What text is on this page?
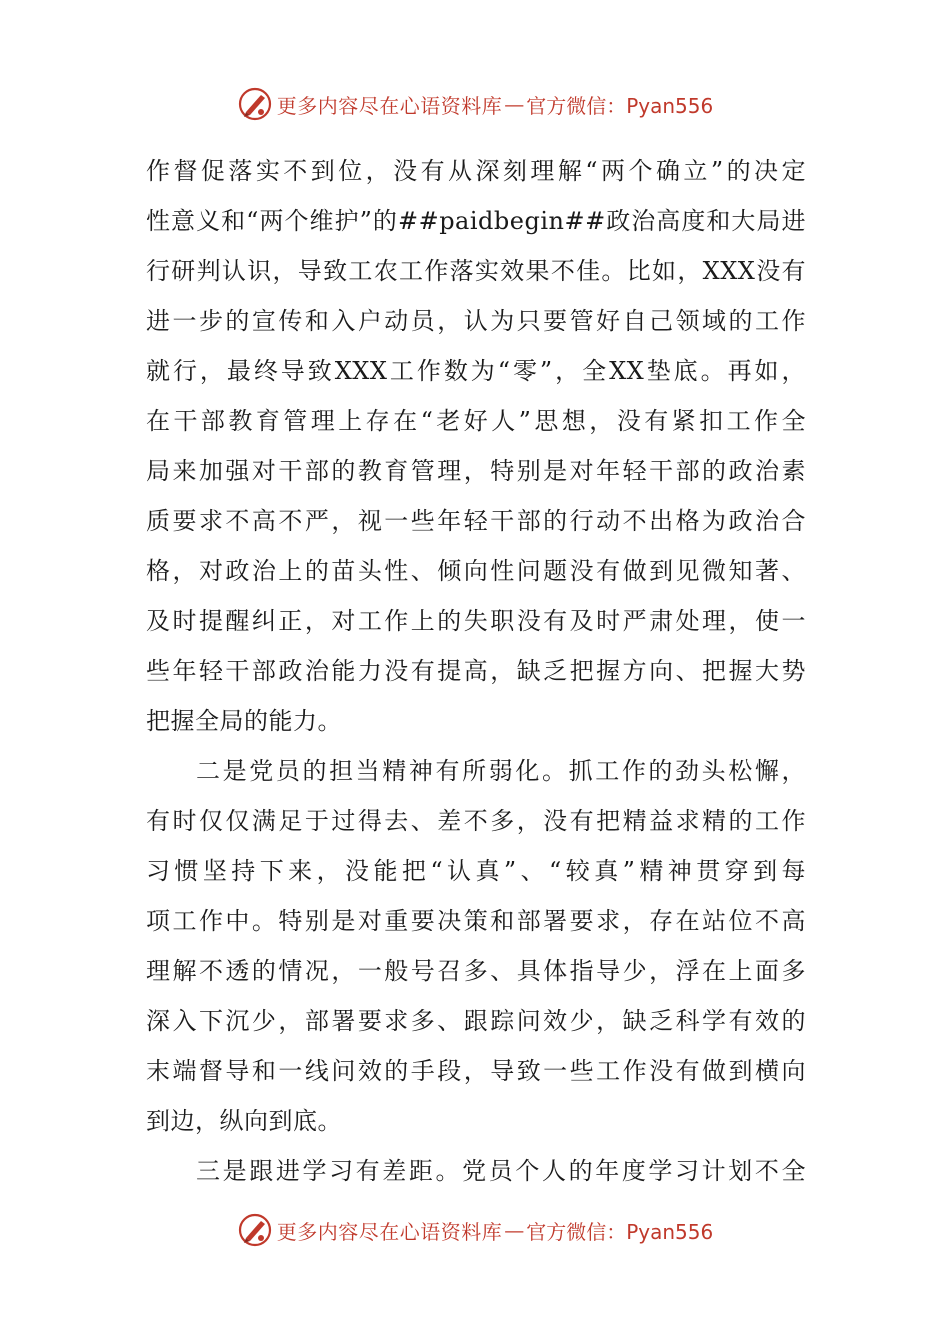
更多内容尽在心语资料库 — 官方微信：Pyan556
作督促落实不到位，没有从深刻理解“两个确立”的决定
性意义和“两个维护”的##paidbegin##政治高度和大局进
行研判认识，导致工农工作落实效果不佳。比如，XXX没有
进一步的宣传和入户动员，认为只要管好自己领域的工作
就行，最终导致XXX工作数为“零”，全XX垫底。再如，
在干部教育管理上存在“老好人”思想，没有紧扣工作全
局来加强对干部的教育管理，特别是对年轻干部的政治素
质要求不高不严，视一些年轻干部的行动不出格为政治合
格，对政治上的苗头性、倾向性问题没有做到见微知著、
及时提醒纠正，对工作上的失职没有及时严肃处理，使一
些年轻干部政治能力没有提高，缺乏把握方向、把握大势
把握全局的能力。
二是党员的担当精神有所弱化。抓工作的劲头松懈，
有时仅仅满足于过得去、差不多，没有把精益求精的工作
习惯坚持下来，没能把“认真”、“较真”精神贯穿到每
项工作中。特别是对重要决策和部署要求，存在站位不高
理解不透的情况，一般号召多、具体指导少，浮在上面多
深入下沉少，部署要求多、跟踪问效少，缺乏科学有效的
末端督导和一线问效的手段，导致一些工作没有做到横向
到边，纵向到底。
三是跟进学习有差距。党员个人的年度学习计划不全
更多内容尽在心语资料库 — 官方微信：Pyan556
